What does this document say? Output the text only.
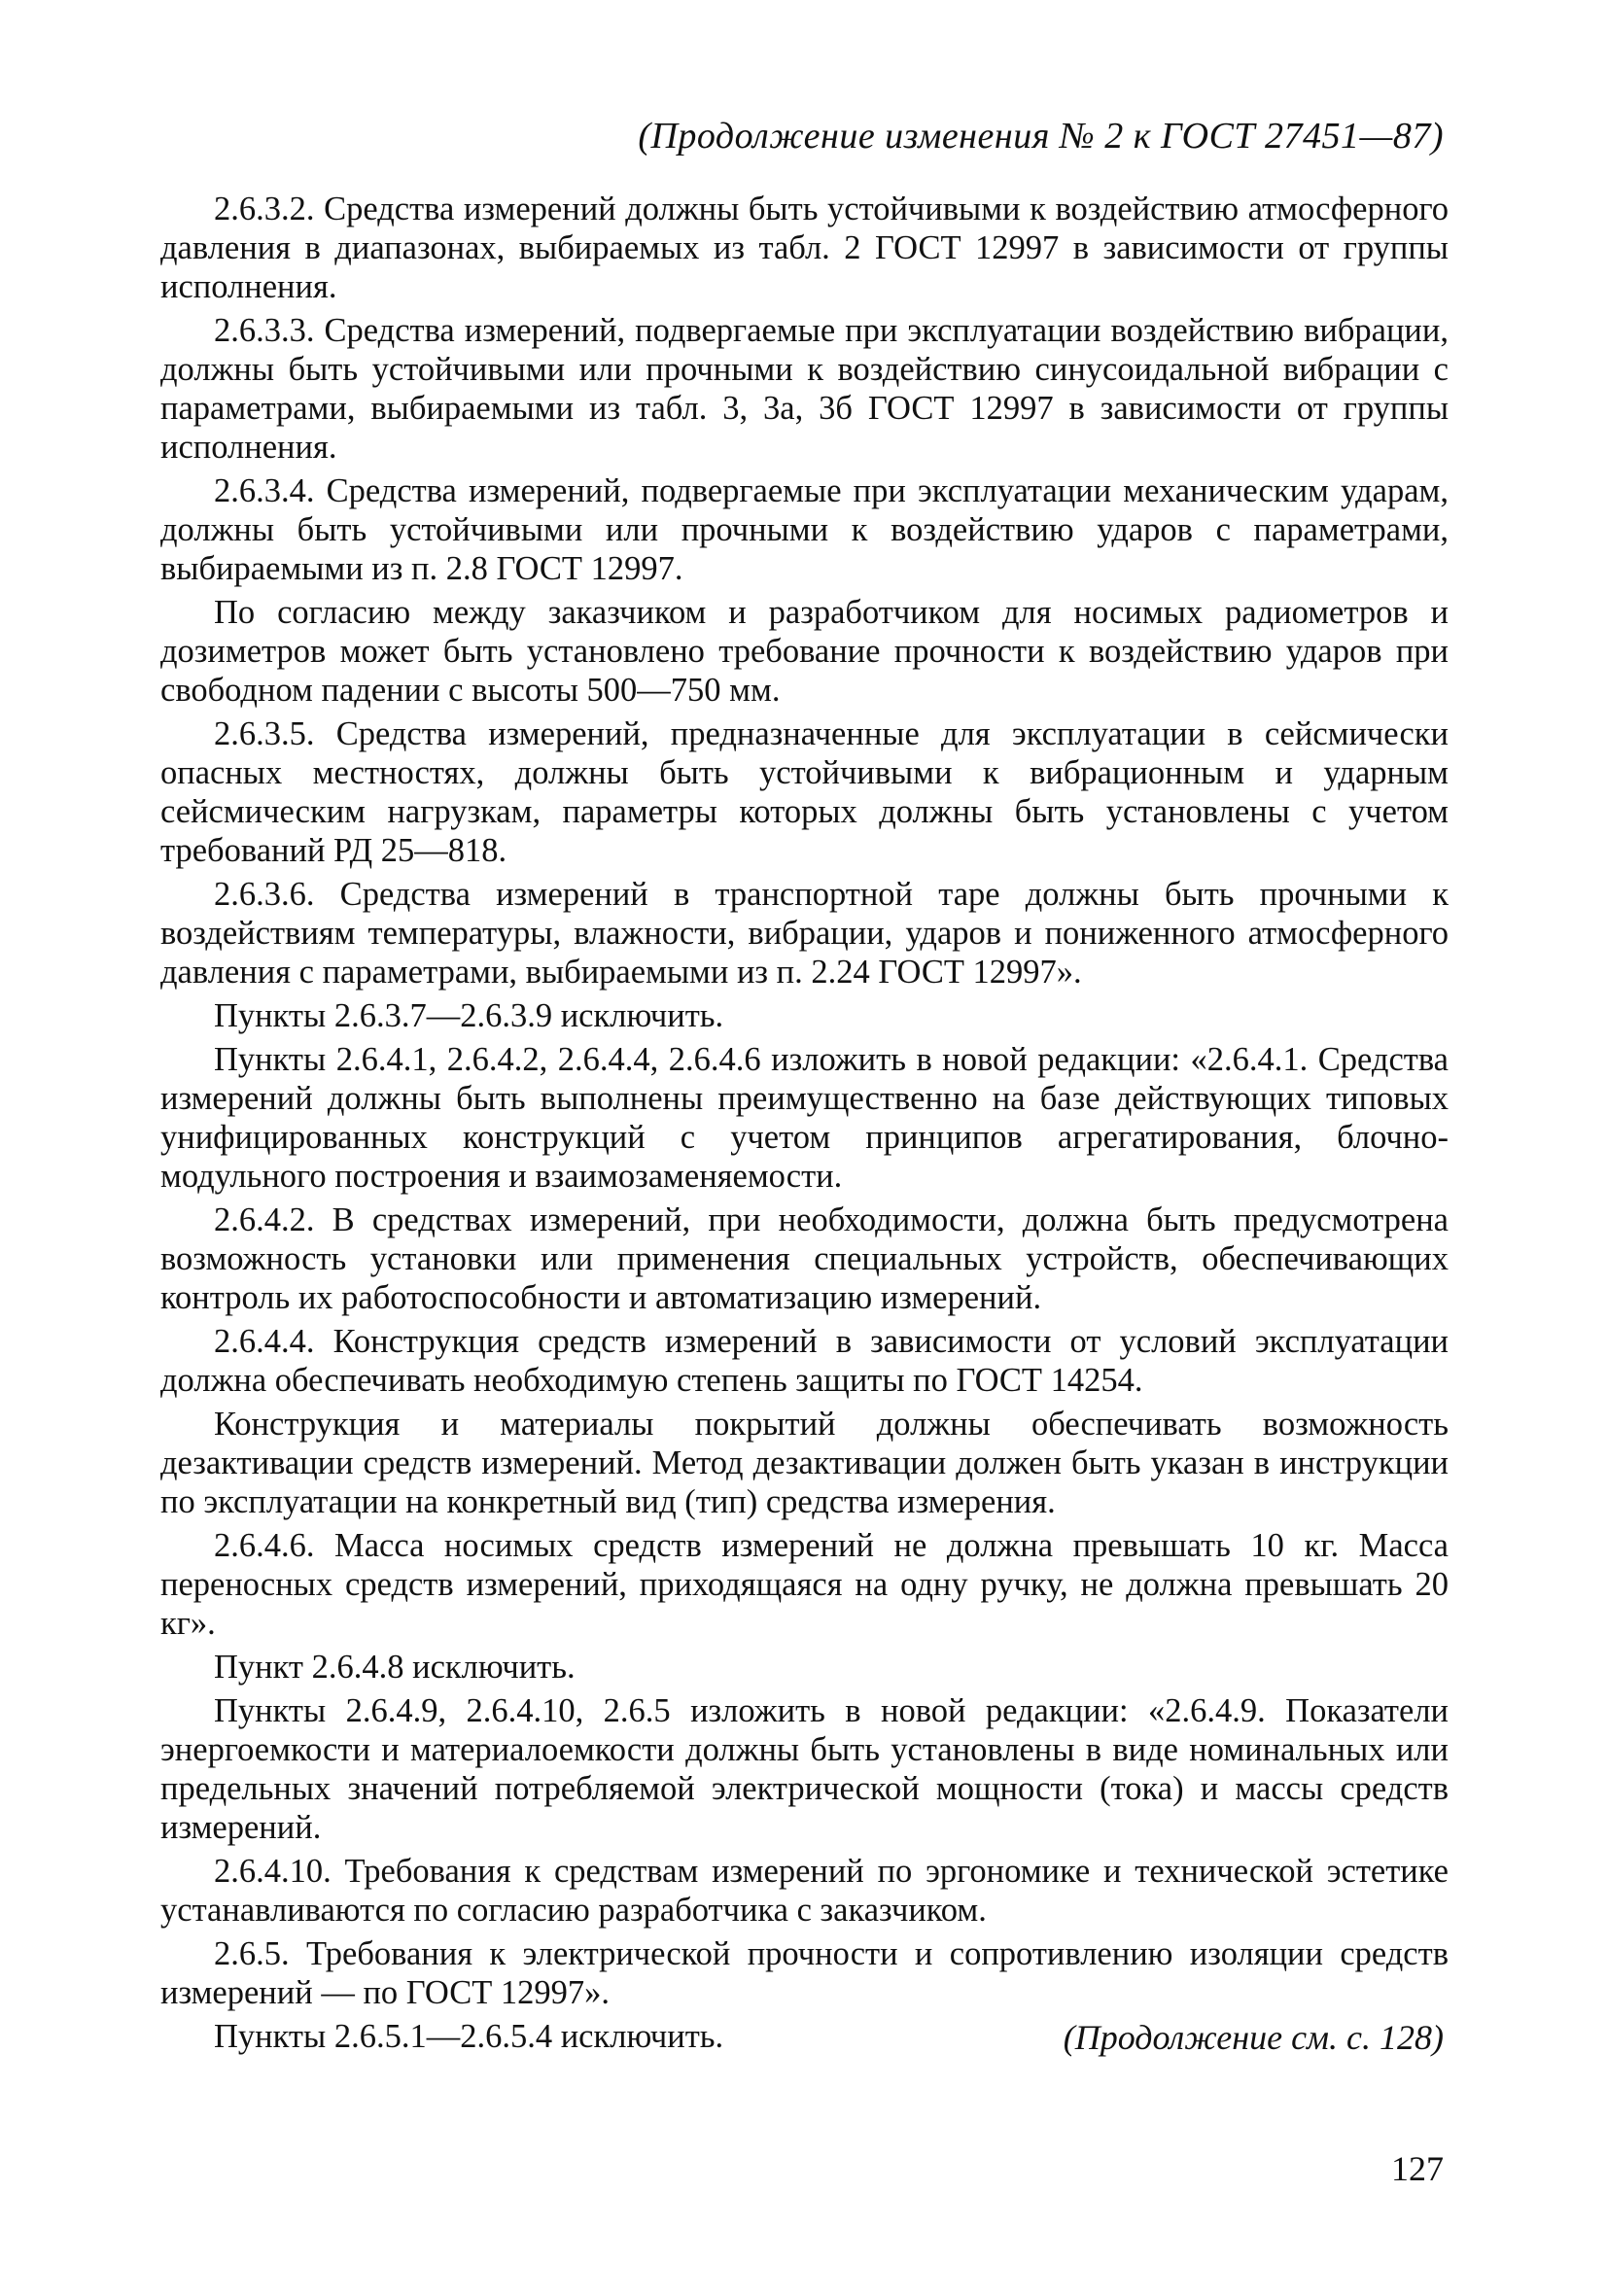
(Продолжение изменения № 2 к ГОСТ 27451—87)

2.6.3.2. Средства измерений должны быть устойчивыми к воздействию атмосферного давления в диапазонах, выбираемых из табл. 2 ГОСТ 12997 в зависимости от группы исполнения.

2.6.3.3. Средства измерений, подвергаемые при эксплуатации воздействию вибрации, должны быть устойчивыми или прочными к воздействию синусоидальной вибрации с параметрами, выбираемыми из табл. 3, 3а, 3б ГОСТ 12997 в зависимости от группы исполнения.

2.6.3.4. Средства измерений, подвергаемые при эксплуатации механическим ударам, должны быть устойчивыми или прочными к воздействию ударов с параметрами, выбираемыми из п. 2.8 ГОСТ 12997.

По согласию между заказчиком и разработчиком для носимых радиометров и дозиметров может быть установлено требование прочности к воздействию ударов при свободном падении с высоты 500—750 мм.

2.6.3.5. Средства измерений, предназначенные для эксплуатации в сейсмически опасных местностях, должны быть устойчивыми к вибрационным и ударным сейсмическим нагрузкам, параметры которых должны быть установлены с учетом требований РД 25—818.

2.6.3.6. Средства измерений в транспортной таре должны быть прочными к воздействиям температуры, влажности, вибрации, ударов и пониженного атмосферного давления с параметрами, выбираемыми из п. 2.24 ГОСТ 12997».

Пункты 2.6.3.7—2.6.3.9 исключить.

Пункты 2.6.4.1, 2.6.4.2, 2.6.4.4, 2.6.4.6 изложить в новой редакции: «2.6.4.1. Средства измерений должны быть выполнены преимущественно на базе действующих типовых унифицированных конструкций с учетом принципов агрегатирования, блочно-модульного построения и взаимозаменяемости.

2.6.4.2. В средствах измерений, при необходимости, должна быть предусмотрена возможность установки или применения специальных устройств, обеспечивающих контроль их работоспособности и автоматизацию измерений.

2.6.4.4. Конструкция средств измерений в зависимости от условий эксплуатации должна обеспечивать необходимую степень защиты по ГОСТ 14254.

Конструкция и материалы покрытий должны обеспечивать возможность дезактивации средств измерений. Метод дезактивации должен быть указан в инструкции по эксплуатации на конкретный вид (тип) средства измерения.

2.6.4.6. Масса носимых средств измерений не должна превышать 10 кг. Масса переносных средств измерений, приходящаяся на одну ручку, не должна превышать 20 кг».

Пункт 2.6.4.8 исключить.

Пункты 2.6.4.9, 2.6.4.10, 2.6.5 изложить в новой редакции: «2.6.4.9. Показатели энергоемкости и материалоемкости должны быть установлены в виде номинальных или предельных значений потребляемой электрической мощности (тока) и массы средств измерений.

2.6.4.10. Требования к средствам измерений по эргономике и технической эстетике устанавливаются по согласию разработчика с заказчиком.

2.6.5. Требования к электрической прочности и сопротивлению изоляции средств измерений — по ГОСТ 12997».

Пункты 2.6.5.1—2.6.5.4 исключить.	(Продолжение см. с. 128)
127
